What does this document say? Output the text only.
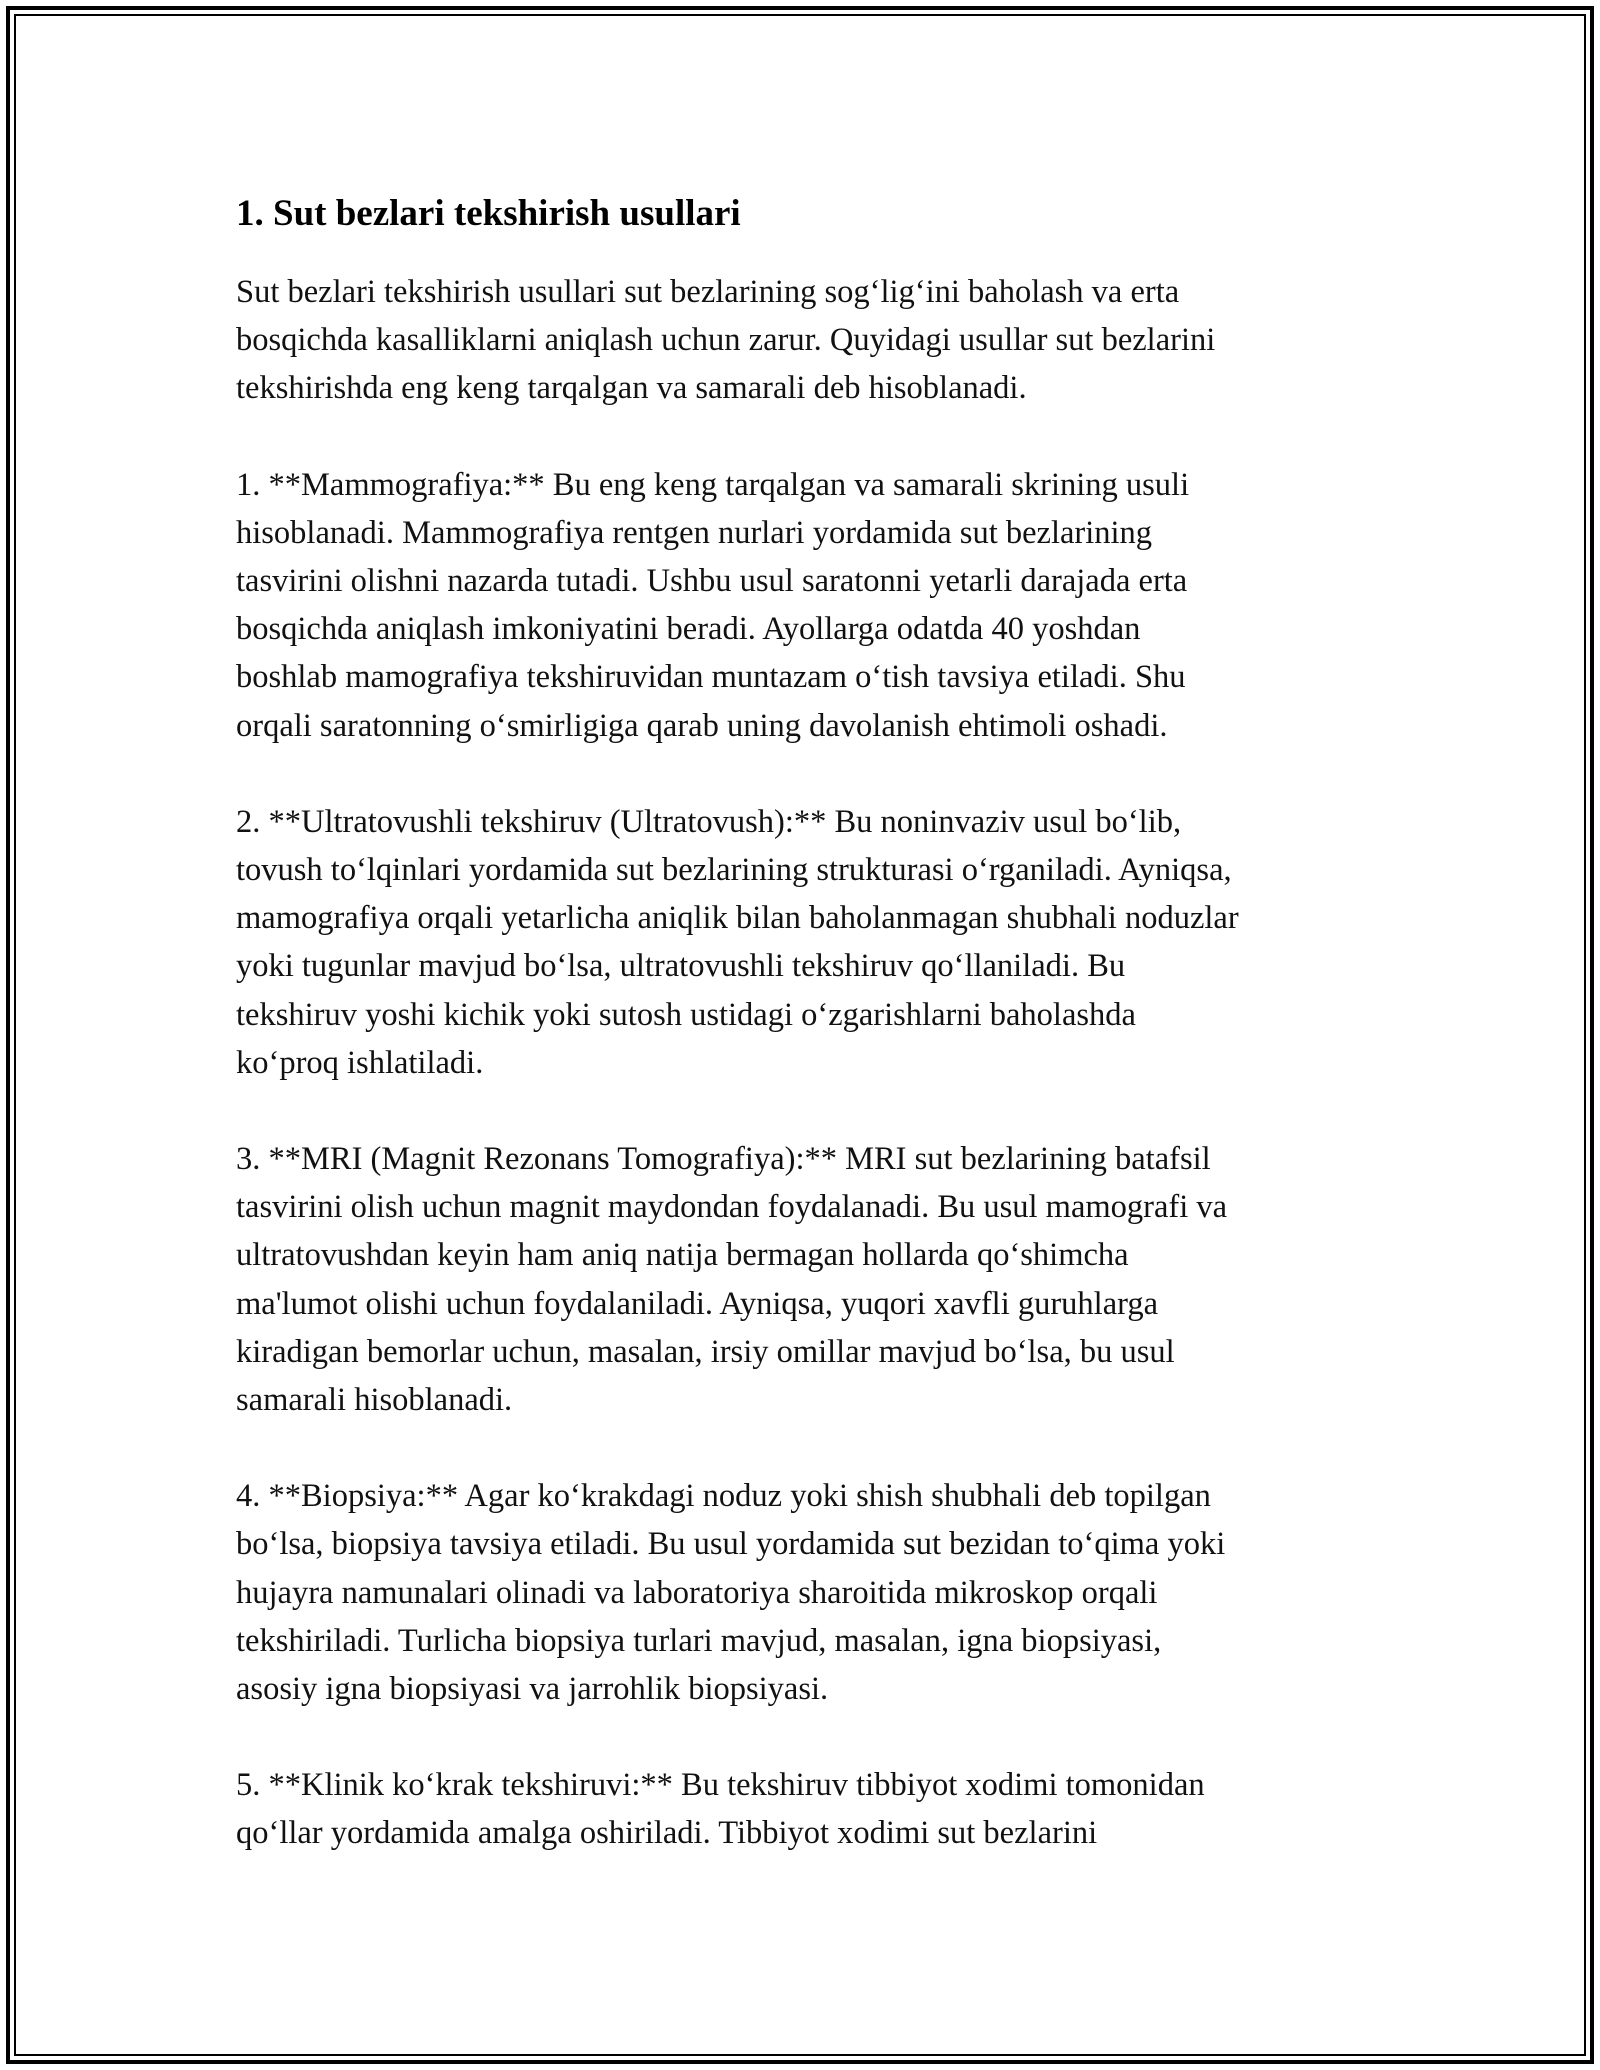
1. Sut bezlari tekshirish usullari

Sut bezlari tekshirish usullari sut bezlarining sog‘lig‘ini baholash va erta
bosqichda kasalliklarni aniqlash uchun zarur. Quyidagi usullar sut bezlarini
tekshirishda eng keng tarqalgan va samarali deb hisoblanadi.

1. **Mammografiya:** Bu eng keng tarqalgan va samarali skrining usuli
hisoblanadi. Mammografiya rentgen nurlari yordamida sut bezlarining
tasvirini olishni nazarda tutadi. Ushbu usul saratonni yetarli darajada erta
bosqichda aniqlash imkoniyatini beradi. Ayollarga odatda 40 yoshdan
boshlab mamografiya tekshiruvidan muntazam o‘tish tavsiya etiladi. Shu
orqali saratonning o‘smirligiga qarab uning davolanish ehtimoli oshadi.

2. **Ultratovushli tekshiruv (Ultratovush):** Bu noninvaziv usul bo‘lib,
tovush to‘lqinlari yordamida sut bezlarining strukturasi o‘rganiladi. Ayniqsa,
mamografiya orqali yetarlicha aniqlik bilan baholanmagan shubhali noduzlar
yoki tugunlar mavjud bo‘lsa, ultratovushli tekshiruv qo‘llaniladi. Bu
tekshiruv yoshi kichik yoki sutosh ustidagi o‘zgarishlarni baholashda
ko‘proq ishlatiladi.

3. **MRI (Magnit Rezonans Tomografiya):** MRI sut bezlarining batafsil
tasvirini olish uchun magnit maydondan foydalanadi. Bu usul mamografi va
ultratovushdan keyin ham aniq natija bermagan hollarda qo‘shimcha
ma'lumot olishi uchun foydalaniladi. Ayniqsa, yuqori xavfli guruhlarga
kiradigan bemorlar uchun, masalan, irsiy omillar mavjud bo‘lsa, bu usul
samarali hisoblanadi.

4. **Biopsiya:** Agar ko‘krakdagi noduz yoki shish shubhali deb topilgan
bo‘lsa, biopsiya tavsiya etiladi. Bu usul yordamida sut bezidan to‘qima yoki
hujayra namunalari olinadi va laboratoriya sharoitida mikroskop orqali
tekshiriladi. Turlicha biopsiya turlari mavjud, masalan, igna biopsiyasi,
asosiy igna biopsiyasi va jarrohlik biopsiyasi.

5. **Klinik ko‘krak tekshiruvi:** Bu tekshiruv tibbiyot xodimi tomonidan
qo‘llar yordamida amalga oshiriladi. Tibbiyot xodimi sut bezlarini
